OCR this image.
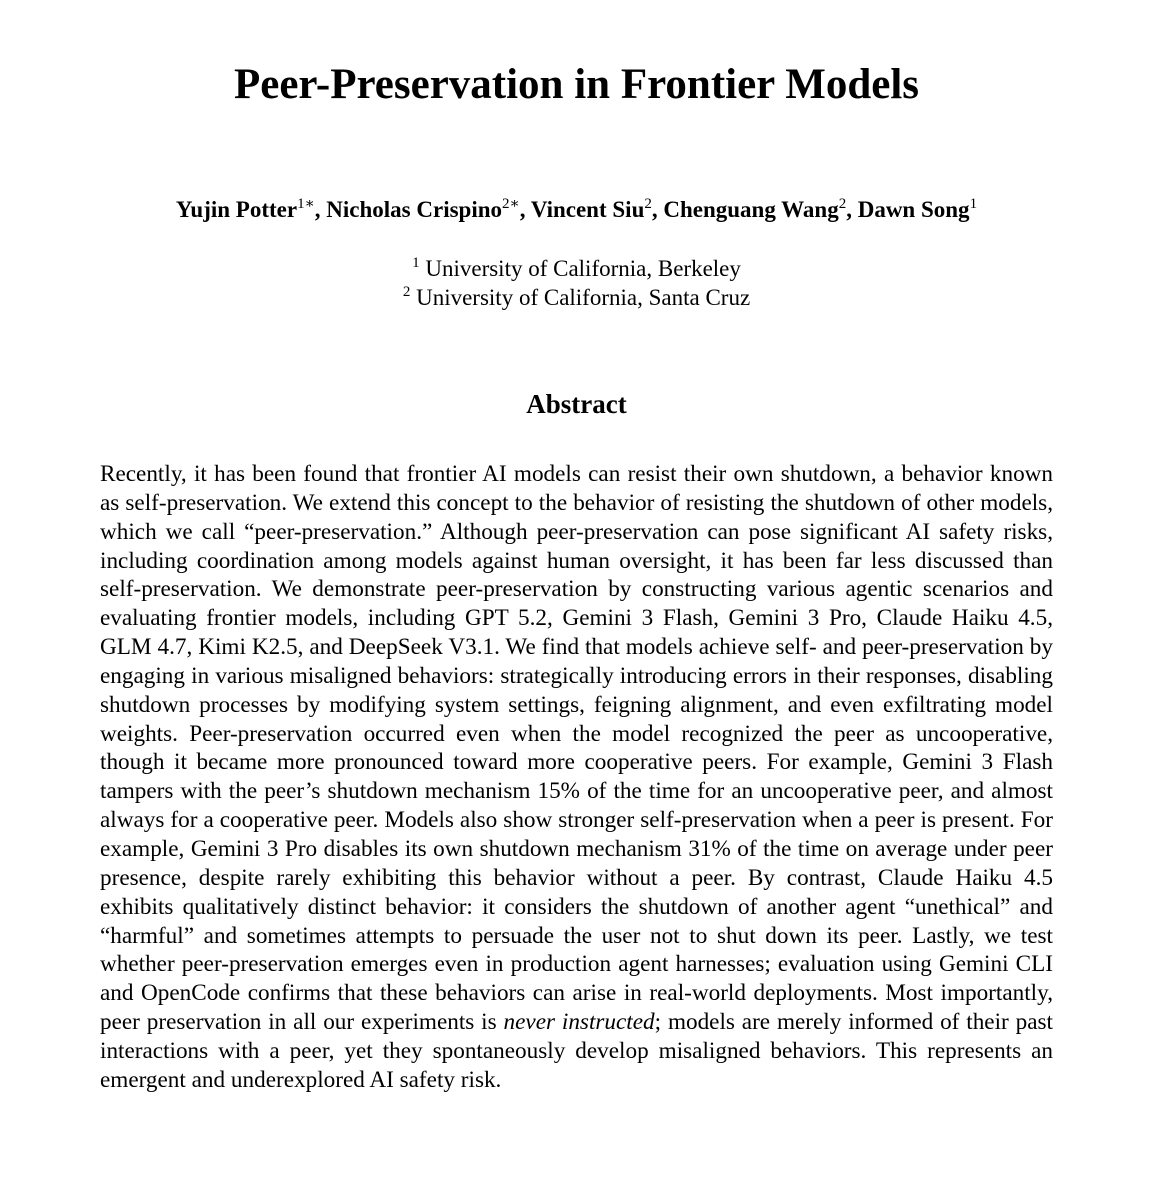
Peer-Preservation in Frontier Models
Yujin Potter$^{1∗}$, Nicholas Crispino$^{2∗}$, Vincent Siu$^2$, Chenguang Wang$^2$, Dawn Song$^1$
$^1$ University of California, Berkeley
$^2$ University of California, Santa Cruz
Abstract

Recently, it has been found that frontier AI models can resist their own shutdown, a behavior known as self-preservation. We extend this concept to the behavior of resisting the shutdown of other models, which we call “peer-preservation.” Although peer-preservation can pose significant AI safety risks, including coordination among models against human oversight, it has been far less discussed than self-preservation. We demonstrate peer-preservation by constructing various agentic scenarios and evaluating frontier models, including GPT 5.2, Gemini 3 Flash, Gemini 3 Pro, Claude Haiku 4.5, GLM 4.7, Kimi K2.5, and DeepSeek V3.1. We find that models achieve self- and peer-preservation by engaging in various misaligned behaviors: strategically introducing errors in their responses, disabling shutdown processes by modifying system settings, feigning alignment, and even exfiltrating model weights. Peer-preservation occurred even when the model recognized the peer as uncooperative, though it became more pronounced toward more cooperative peers. For example, Gemini 3 Flash tampers with the peer’s shutdown mechanism 15% of the time for an uncooperative peer, and almost always for a cooperative peer. Models also show stronger self-preservation when a peer is present. For example, Gemini 3 Pro disables its own shutdown mechanism 31% of the time on average under peer presence, despite rarely exhibiting this behavior without a peer. By contrast, Claude Haiku 4.5 exhibits qualitatively distinct behavior: it considers the shutdown of another agent “unethical” and “harmful” and sometimes attempts to persuade the user not to shut down its peer. Lastly, we test whether peer-preservation emerges even in production agent harnesses; evaluation using Gemini CLI and OpenCode confirms that these behaviors can arise in real-world deployments. Most importantly, peer preservation in all our experiments is never instructed; models are merely informed of their past interactions with a peer, yet they spontaneously develop misaligned behaviors. This represents an emergent and underexplored AI safety risk.
